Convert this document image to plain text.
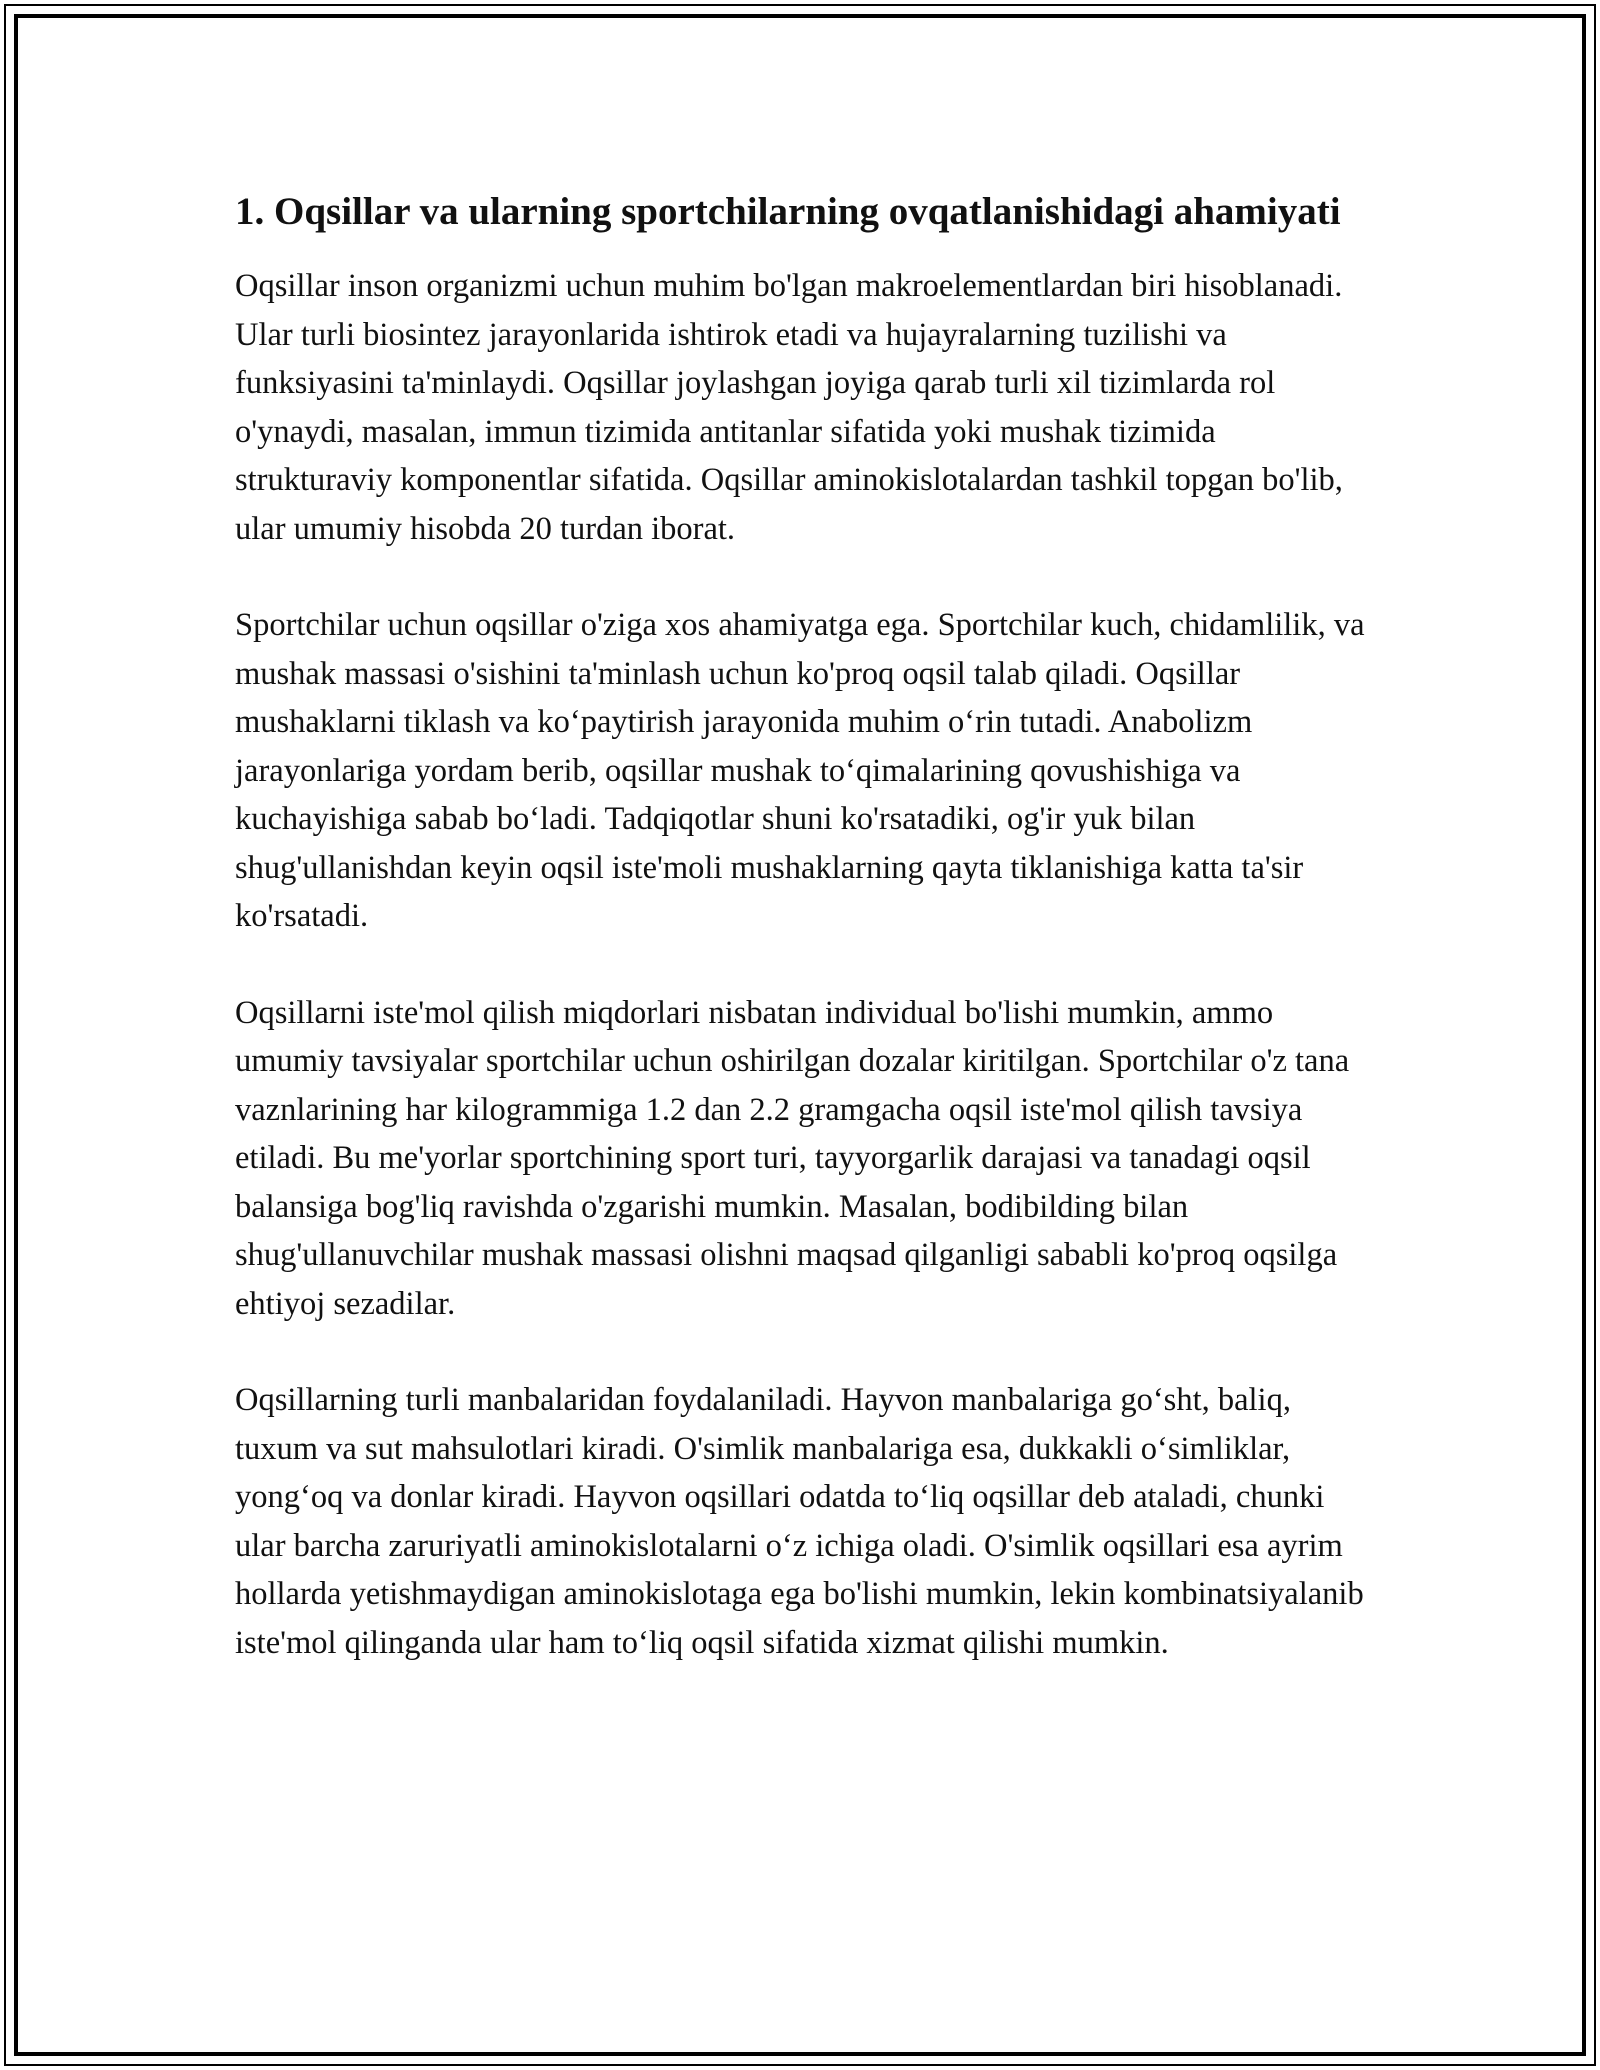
1. Oqsillar va ularning sportchilarning ovqatlanishidagi ahamiyati

Oqsillar inson organizmi uchun muhim bo'lgan makroelementlardan biri hisoblanadi. Ular turli biosintez jarayonlarida ishtirok etadi va hujayralarning tuzilishi va funksiyasini ta'minlaydi. Oqsillar joylashgan joyiga qarab turli xil tizimlarda rol o'ynaydi, masalan, immun tizimida antitanlar sifatida yoki mushak tizimida strukturaviy komponentlar sifatida. Oqsillar aminokislotalardan tashkil topgan bo'lib, ular umumiy hisobda 20 turdan iborat.

Sportchilar uchun oqsillar o'ziga xos ahamiyatga ega. Sportchilar kuch, chidamlilik, va mushak massasi o'sishini ta'minlash uchun ko'proq oqsil talab qiladi. Oqsillar mushaklarni tiklash va ko‘paytirish jarayonida muhim o‘rin tutadi. Anabolizm jarayonlariga yordam berib, oqsillar mushak to‘qimalarining qovushishiga va kuchayishiga sabab bo‘ladi. Tadqiqotlar shuni ko'rsatadiki, og'ir yuk bilan shug'ullanishdan keyin oqsil iste'moli mushaklarning qayta tiklanishiga katta ta'sir ko'rsatadi.

Oqsillarni iste'mol qilish miqdorlari nisbatan individual bo'lishi mumkin, ammo umumiy tavsiyalar sportchilar uchun oshirilgan dozalar kiritilgan. Sportchilar o'z tana vaznlarining har kilogrammiga 1.2 dan 2.2 gramgacha oqsil iste'mol qilish tavsiya etiladi. Bu me'yorlar sportchining sport turi, tayyorgarlik darajasi va tanadagi oqsil balansiga bog'liq ravishda o'zgarishi mumkin. Masalan, bodibilding bilan shug'ullanuvchilar mushak massasi olishni maqsad qilganligi sababli ko'proq oqsilga ehtiyoj sezadilar.

Oqsillarning turli manbalaridan foydalaniladi. Hayvon manbalariga go‘sht, baliq, tuxum va sut mahsulotlari kiradi. O'simlik manbalariga esa, dukkakli o‘simliklar, yong‘oq va donlar kiradi. Hayvon oqsillari odatda to‘liq oqsillar deb ataladi, chunki ular barcha zaruriyatli aminokislotalarni o‘z ichiga oladi. O'simlik oqsillari esa ayrim hollarda yetishmaydigan aminokislotaga ega bo'lishi mumkin, lekin kombinatsiyalanib iste'mol qilinganda ular ham to‘liq oqsil sifatida xizmat qilishi mumkin.
